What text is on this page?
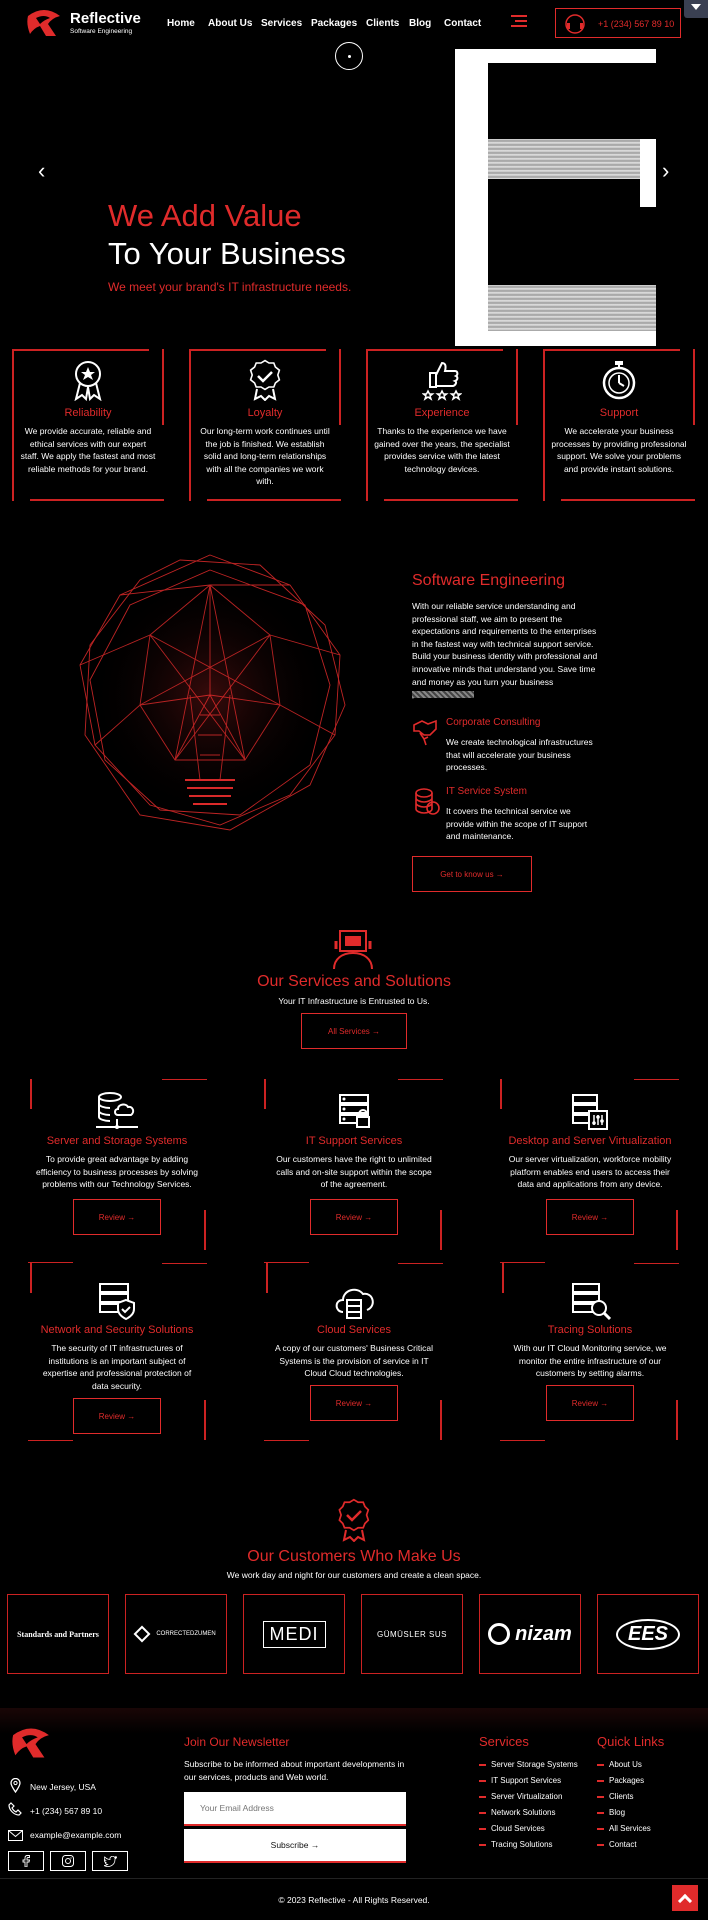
Reflective
Software Engineering
Home About Us Services Packages Clients Blog Contact	+1 (234) 567 89 10
‹	›
We Add Value
To Your Business
We meet your brand's IT infrastructure needs.
Reliability

We provide accurate, reliable and ethical services with our expert staff. We apply the fastest and most reliable methods for your brand.

Loyalty

Our long-term work continues until the job is finished. We establish solid and long-term relationships with all the companies we work with.

Experience

Thanks to the experience we have gained over the years, the specialist provides service with the latest technology devices.

Support

We accelerate your business processes by providing professional support. We solve your problems and provide instant solutions.

Software Engineering
With our reliable service understanding and professional staff, we aim to present the expectations and requirements to the enterprises in the fastest way with technical support service. Build your business identity with professional and innovative minds that understand you. Save time and money as you turn your business
Corporate Consulting
We create technological infrastructures that will accelerate your business processes.
IT Service System
It covers the technical service we provide within the scope of IT support and maintenance.
Get to know us →
Our Services and Solutions
Your IT Infrastructure is Entrusted to Us.
All Services →
Server and Storage Systems

To provide great advantage by adding efficiency to business processes by solving problems with our Technology Services.

Review →
IT Support Services

Our customers have the right to unlimited calls and on-site support within the scope of the agreement.

Review →
Desktop and Server Virtualization

Our server virtualization, workforce mobility platform enables end users to access their data and applications from any device.

Review →
Network and Security Solutions

The security of IT infrastructures of institutions is an important subject of expertise and professional protection of data security.

Review →
Cloud Services

A copy of our customers' Business Critical Systems is the provision of service in IT Cloud Cloud technologies.

Review →
Tracing Solutions

With our IT Cloud Monitoring service, we monitor the entire infrastructure of our customers by setting alarms.

Review →
Our Customers Who Make Us
We work day and night for our customers and create a clean space.
Standards and Partners	CORRECTEDZUMEN	MEDI	GÜMÜSLER SUS	nizam	EES
New Jersey, USA
+1 (234) 567 89 10
example@example.com
Join Our Newsletter
Subscribe to be informed about important developments in our services, products and Web world.
Your Email Address
Subscribe →
Services
Server Storage Systems
IT Support Services
Server Virtualization
Network Solutions
Cloud Services
Tracing Solutions
Quick Links
About Us
Packages
Clients
Blog
All Services
Contact
© 2023 Reflective - All Rights Reserved.
